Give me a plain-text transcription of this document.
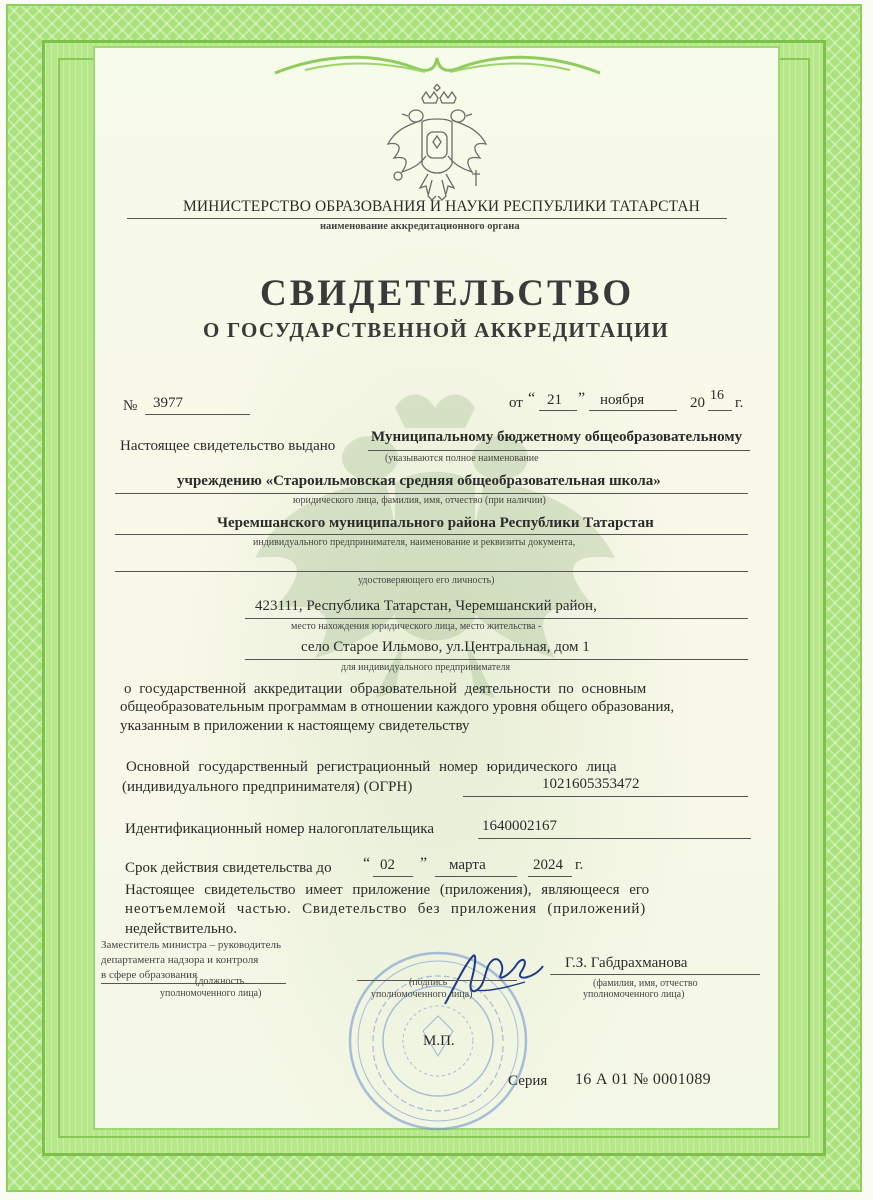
МИНИСТЕРСТВО ОБРАЗОВАНИЯ И НАУКИ РЕСПУБЛИКИ ТАТАРСТАН
наименование аккредитационного органа
СВИДЕТЕЛЬСТВО
О ГОСУДАРСТВЕННОЙ АККРЕДИТАЦИИ
№ 3977	от “ 21 ” ноября	20 16 г.
Настоящее свидетельство выдано
Муниципальному бюджетному общеобразовательному
(указываются полное наименование
учреждению «Староильмовская средняя общеобразовательная школа»
юридического лица, фамилия, имя, отчество (при наличии)
Черемшанского муниципального района Республики Татарстан
индивидуального предпринимателя, наименование и реквизиты документа,
удостоверяющего его личность)
423111, Республика Татарстан, Черемшанский район,
место нахождения юридического лица, место жительства -
село Старое Ильмово, ул.Центральная, дом 1
для индивидуального предпринимателя
о государственной аккредитации образовательной деятельности по основным
общеобразовательным программам в отношении каждого уровня общего образования,
указанным в приложении к настоящему свидетельству
Основной государственный регистрационный номер юридического лица
(индивидуального предпринимателя) (ОГРН)	1021605353472
Идентификационный номер налогоплательщика	1640002167
Срок действия свидетельства до “ 02 ” марта	2024 г.
Настоящее свидетельство имеет приложение (приложения), являющееся его
неотъемлемой частью. Свидетельство без приложения (приложений)
недействительно.
Заместитель министра – руководитель
департамента надзора и контроля
в сфере образования
(должность
уполномоченного лица)
(подпись
уполномоченного лица)
Г.З. Габдрахманова
(фамилия, имя, отчество
уполномоченного лица)
М.П.
Серия 16 А 01 № 0001089
